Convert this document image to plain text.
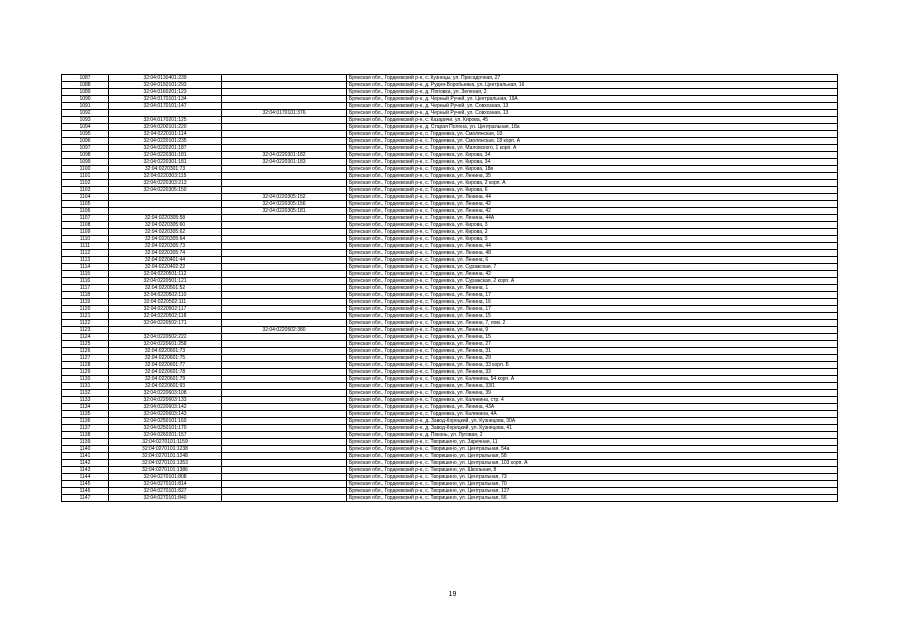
1087	32:04:0130401:239		Брянская обл., Гордеевский р-н, с. Кузнецы, ул. Присадочная, 27
1088	32:04:0150101:293		Брянская обл., Гордеевский р-н, д. Рудня-Воробьевка, ул. Центральная, 16
1089	32:04:0160201:123		Брянская обл., Гордеевский р-н, д. Поповка, ул. Зеленая, 2
1090	32:04:0170101:134		Брянская обл., Гордеевский р-н, д. Черный Ручей, ул. Центральная, 19А
1091	32:04:0170101:147		Брянская обл., Гордеевский р-н, д. Черный Ручей, ул. Совхозная, 13
1092		32:04:0170101:376	Брянская обл., Гордеевский р-н, д. Черный Ручей, ул. Совхозная, 13
1093	32:04:0170201:125		Брянская обл., Гордеевский р-н, с. Казаричи, ул. Кирова, 45
1094	32:04:0200101:220		Брянская обл., Гордеевский р-н, д. Старая Полона, ул. Центральная, 18а
1095	32:04:0220101:114		Брянская обл., Гордеевский р-н, с. Гордеевка, ул. Смолянская, 18
1096	32:04:0220101:235		Брянская обл., Гордеевский р-н, с. Гордеевка, ул. Смолянская, 18 корп. А
1097	32:04:0220201:187		Брянская обл., Гордеевский р-н, с. Гордеевка, ул. Маловского, 1 корп. А
1098	32:04:0220301:181	32:04:0220301:182	Брянская обл., Гордеевский р-н, с. Гордеевка, ул. Кирова, 34
1099	32:04:0220301:181	32:04:0220301:183	Брянская обл., Гордеевский р-н, с. Гордеевка, ул. Кирова, 34
1100	32:04:0220301:73		Брянская обл., Гордеевский р-н, с. Гордеевка, ул. Кирова, 18в
1101	32:04:0220303:115		Брянская обл., Гордеевский р-н, с. Гордеевка, ул. Ленина, 35
1102	32:04:0220303:213		Брянская обл., Гордеевский р-н, с. Гордеевка, ул. Кирова, 2 корп. А
1103	32:04:0220305:150		Брянская обл., Гордеевский р-н, с. Гордеевка, ул. Кирова, 6
1104		32:04:0220305:152	Брянская обл., Гордеевский р-н, с. Гордеевка, ул. Ленина, 44
1105		32:04:0220305:156	Брянская обл., Гордеевский р-н, с. Гордеевка, ул. Ленина, 42
1106		32:04:0220305:181	Брянская обл., Гордеевский р-н, с. Гордеевка, ул. Ленина, 42
1107	32:04:0220305:58		Брянская обл., Гордеевский р-н, с. Гордеевка, ул. Ленина, 44А
1108	32:04:0220305:60		Брянская обл., Гордеевский р-н, с. Гордеевка, ул. Кирова, 3
1109	32:04:0220305:62		Брянская обл., Гордеевский р-н, с. Гордеевка, ул. Кирова, 2
1110	32:04:0220305:64		Брянская обл., Гордеевский р-н, с. Гордеевка, ул. Кирова, 3
1111	32:04:0220305:73		Брянская обл., Гордеевский р-н, с. Гордеевка, ул. Ленина, 44
1112	32:04:0220305:74		Брянская обл., Гордеевский р-н, с. Гордеевка, ул. Ленина, 48
1113	32:04:0220401:44		Брянская обл., Гордеевский р-н, с. Гордеевка, ул. Ленина, 6
1114	32:04:0220402:22		Брянская обл., Гордеевский р-н, с. Гордеевка, ул. Суражская, 7
1115	32:04:0220501:112		Брянская обл., Гордеевский р-н, с. Гордеевка, ул. Ленина, 42
1116	32:04:0220501:121		Брянская обл., Гордеевский р-н, с. Гордеевка, ул. Суражская, 2 корп. А
1117	32:04:0220501:52		Брянская обл., Гордеевский р-н, с. Гордеевка, ул. Ленина, 1
1118	32:04:0220502:110		Брянская обл., Гордеевский р-н, с. Гордеевка, ул. Ленина, 17
1119	32:04:0220502:111		Брянская обл., Гордеевский р-н, с. Гордеевка, ул. Ленина, 16
1120	32:04:0220502:117		Брянская обл., Гордеевский р-н, с. Гордеевка, ул. Ленина, 17
1121	32:04:0220502:118		Брянская обл., Гордеевский р-н, с. Гордеевка, ул. Ленина, 15
1122	32:04:0220502:171		Брянская обл., Гордеевский р-н, с. Гордеевка, ул. Ленина, 7, пом. 2
1123		32:04:0220502:380	Брянская обл., Гордеевский р-н, с. Гордеевка, ул. Ленина, 9
1124	32:04:0220502:222		Брянская обл., Гордеевский р-н, с. Гордеевка, ул. Ленина, 15
1125	32:04:0220601:258		Брянская обл., Гордеевский р-н, с. Гордеевка, ул. Ленина, 27
1126	32:04:0220601:73		Брянская обл., Гордеевский р-н, с. Гордеевка, ул. Ленина, 31
1127	32:04:0220601:75		Брянская обл., Гордеевский р-н, с. Гордеевка, ул. Ленина, 29
1128	32:04:0220601:77		Брянская обл., Гордеевский р-н, с. Гордеевка, ул. Ленина, 33 корп. Б
1129	32:04:0220601:78		Брянская обл., Гордеевский р-н, с. Гордеевка, ул. Ленина, 33
1130	32:04:0220601:79		Брянская обл., Гордеевский р-н, с. Гордеевка, ул. Калинина, 54 корп. А
1131	32:04:0220601:93		Брянская обл., Гордеевский р-н, с. Гордеевка, ул. Ленина, 33/1
1132	32:04:0220603:108		Брянская обл., Гордеевский р-н, с. Гордеевка, ул. Ленина, 39
1133	32:04:0220603:133		Брянская обл., Гордеевский р-н, с. Гордеевка, ул. Калинина, стр. 4
1134	32:04:0220603:142		Брянская обл., Гордеевский р-н, с. Гордеевка, ул. Ленина, 43А
1135	32:04:0220603:143		Брянская обл., Гордеевский р-н, с. Гордеевка, ул. Калинина, 4А
1136	32:04:0250101:169		Брянская обл., Гордеевский р-н, д. Завод-Корецкий, ул. Кузнецова, 30А
1137	32:04:0250101:170		Брянская обл., Гордеевский р-н, д. Завод-Корецкий, ул. Кузнецова, 41
1138	32:04:0260201:157		Брянская обл., Гордеевский р-н, д. Поконь, ул. Луговая, 2
1139	32:04:0270101:1159		Брянская обл., Гордеевский р-н, с. Творишино, ул. Заречная, 11
1140	32:04:0270101:1238		Брянская обл., Гордеевский р-н, с. Творишино, ул. Центральная, 54а
1141	32:04:0270101:1248		Брянская обл., Гордеевский р-н, с. Творишино, ул. Центральная, 58
1142	32:04:0270101:1353		Брянская обл., Гордеевский р-н, с. Творишино, ул. Центральная, 103 корп. А
1143	32:04:0270101:1386		Брянская обл., Гордеевский р-н, с. Творишино, ул. Школьная, 8
1144	32:04:0270101:808		Брянская обл., Гордеевский р-н, с. Творишино, ул. Центральная, 73
1145	32:04:0270101:814		Брянская обл., Гордеевский р-н, с. Творишино, ул. Центральная, 70
1146	32:04:0270101:827		Брянская обл., Гордеевский р-н, с. Творишино, ул. Центральная, 127
1147	32:04:0270101:840		Брянская обл., Гордеевский р-н, с. Творишино, ул. Центральная, 56
19
